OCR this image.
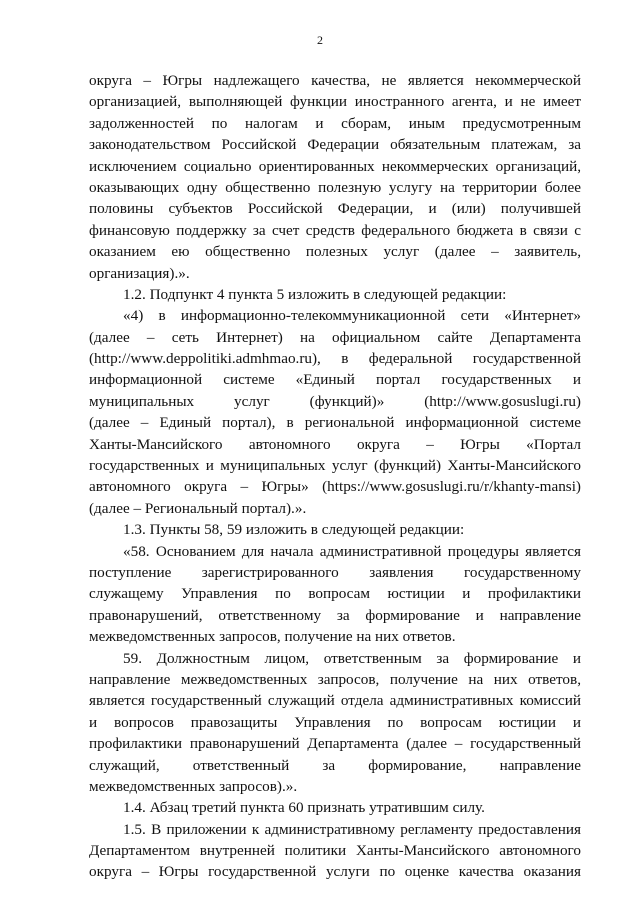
2
округа – Югры надлежащего качества, не является некоммерческой
организацией, выполняющей функции иностранного агента, и не имеет
задолженностей по налогам и сборам, иным предусмотренным
законодательством Российской Федерации обязательным платежам, за
исключением социально ориентированных некоммерческих организаций,
оказывающих одну общественно полезную услугу на территории более
половины субъектов Российской Федерации, и (или) получившей
финансовую поддержку за счет средств федерального бюджета в связи с
оказанием ею общественно полезных услуг (далее – заявитель,
организация).».
1.2. Подпункт 4 пункта 5 изложить в следующей редакции:
«4) в информационно-телекоммуникационной сети «Интернет»
(далее – сеть Интернет) на официальном сайте Департамента
(http://www.deppolitiki.admhmao.ru), в федеральной государственной
информационной системе «Единый портал государственных и
муниципальных услуг (функций)» (http://www.gosuslugi.ru)
(далее – Единый портал), в региональной информационной системе
Ханты-Мансийского автономного округа – Югры «Портал
государственных и муниципальных услуг (функций) Ханты-Мансийского
автономного округа – Югры» (https://www.gosuslugi.ru/r/khanty-mansi)
(далее – Региональный портал).».
1.3. Пункты 58, 59 изложить в следующей редакции:
«58. Основанием для начала административной процедуры является
поступление зарегистрированного заявления государственному
служащему Управления по вопросам юстиции и профилактики
правонарушений, ответственному за формирование и направление
межведомственных запросов, получение на них ответов.
59. Должностным лицом, ответственным за формирование и
направление межведомственных запросов, получение на них ответов,
является государственный служащий отдела административных комиссий
и вопросов правозащиты Управления по вопросам юстиции и
профилактики правонарушений Департамента (далее – государственный
служащий, ответственный за формирование, направление
межведомственных запросов).».
1.4. Абзац третий пункта 60 признать утратившим силу.
1.5. В приложении к административному регламенту предоставления
Департаментом внутренней политики Ханты-Мансийского автономного
округа – Югры государственной услуги по оценке качества оказания
